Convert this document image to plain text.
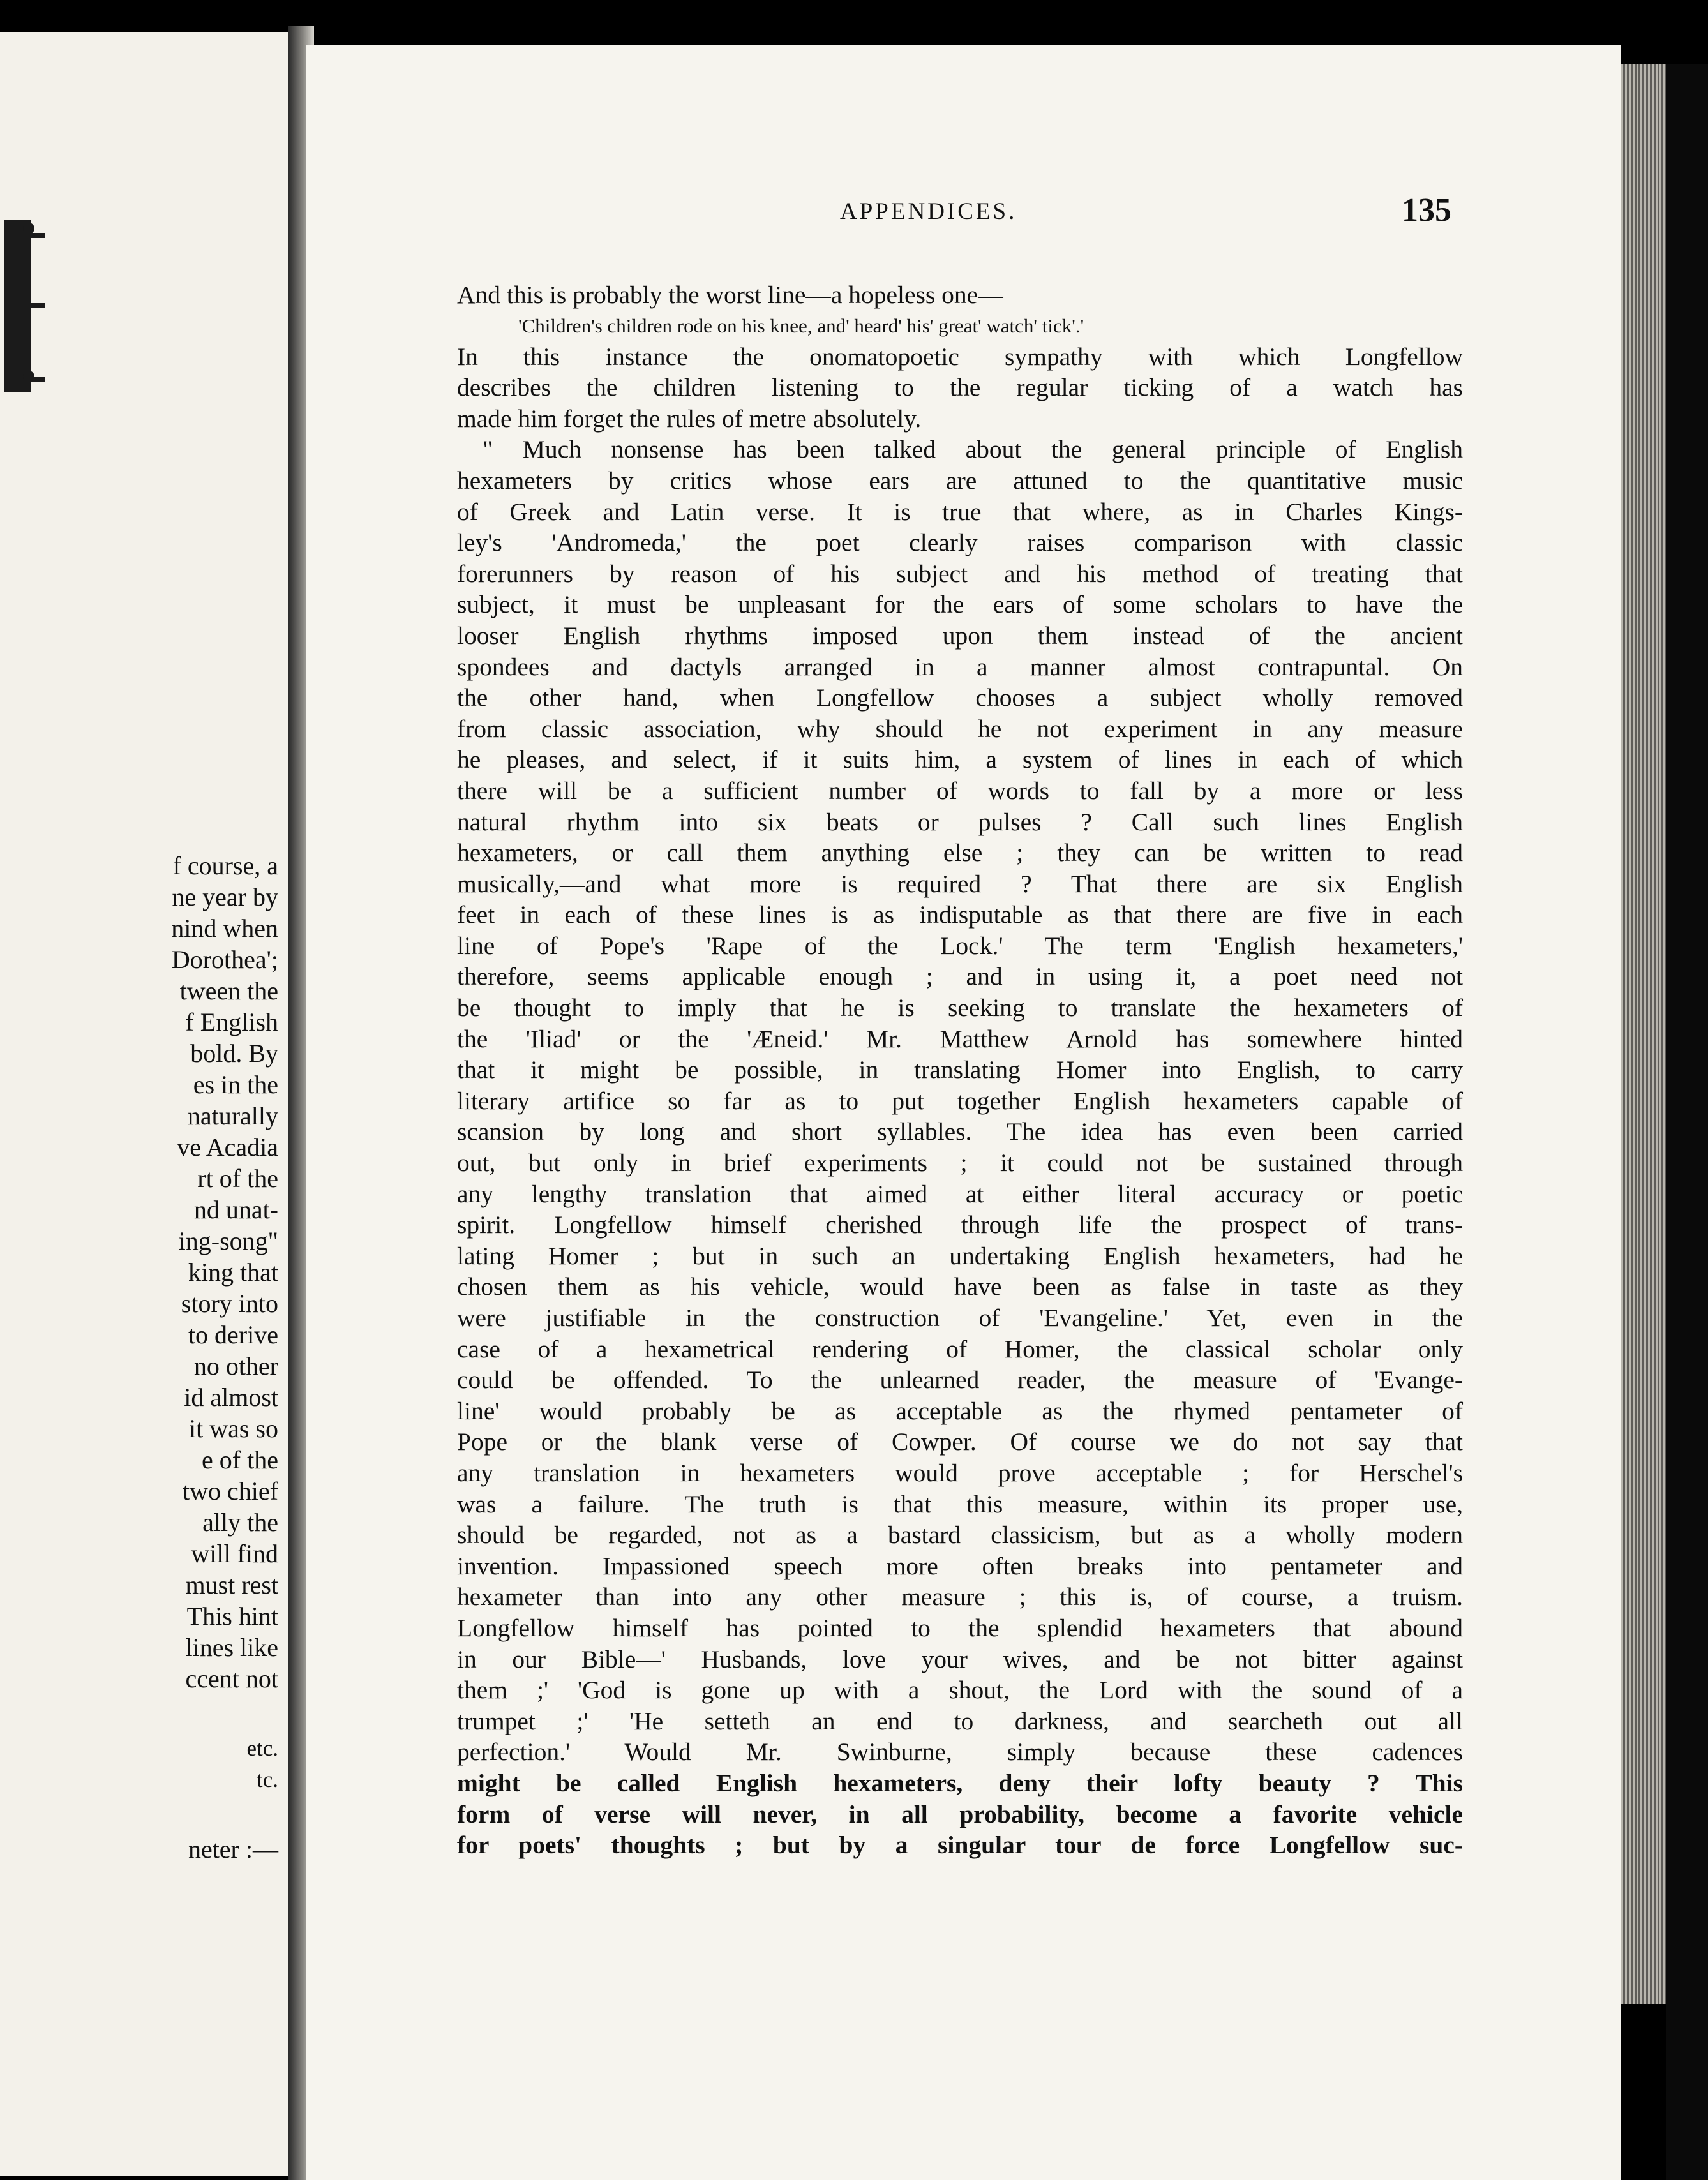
f course, a
ne year by
nind when
Dorothea';
tween the
f English
bold. By
es in the
naturally
ve Acadia
rt of the
nd unat-
ing-song"
king that
story into
to derive
no other
id almost
it was so
e of the
two chief
ally the
will find
must rest
This hint
lines like
ccent not
etc.
tc.
neter :—
APPENDICES.	135
And this is probably the worst line—a hopeless one—
'Children's children rode on his knee, and' heard' his' great' watch' tick'.'
In this instance the onomatopoetic sympathy with which Longfellow
describes the children listening to the regular ticking of a watch has
made him forget the rules of metre absolutely.
" Much nonsense has been talked about the general principle of English
hexameters by critics whose ears are attuned to the quantitative music
of Greek and Latin verse. It is true that where, as in Charles Kings-
ley's 'Andromeda,' the poet clearly raises comparison with classic
forerunners by reason of his subject and his method of treating that
subject, it must be unpleasant for the ears of some scholars to have the
looser English rhythms imposed upon them instead of the ancient
spondees and dactyls arranged in a manner almost contrapuntal. On
the other hand, when Longfellow chooses a subject wholly removed
from classic association, why should he not experiment in any measure
he pleases, and select, if it suits him, a system of lines in each of which
there will be a sufficient number of words to fall by a more or less
natural rhythm into six beats or pulses ? Call such lines English
hexameters, or call them anything else ; they can be written to read
musically,—and what more is required ? That there are six English
feet in each of these lines is as indisputable as that there are five in each
line of Pope's 'Rape of the Lock.' The term 'English hexameters,'
therefore, seems applicable enough ; and in using it, a poet need not
be thought to imply that he is seeking to translate the hexameters of
the 'Iliad' or the 'Æneid.' Mr. Matthew Arnold has somewhere hinted
that it might be possible, in translating Homer into English, to carry
literary artifice so far as to put together English hexameters capable of
scansion by long and short syllables. The idea has even been carried
out, but only in brief experiments ; it could not be sustained through
any lengthy translation that aimed at either literal accuracy or poetic
spirit. Longfellow himself cherished through life the prospect of trans-
lating Homer ; but in such an undertaking English hexameters, had he
chosen them as his vehicle, would have been as false in taste as they
were justifiable in the construction of 'Evangeline.' Yet, even in the
case of a hexametrical rendering of Homer, the classical scholar only
could be offended. To the unlearned reader, the measure of 'Evange-
line' would probably be as acceptable as the rhymed pentameter of
Pope or the blank verse of Cowper. Of course we do not say that
any translation in hexameters would prove acceptable ; for Herschel's
was a failure. The truth is that this measure, within its proper use,
should be regarded, not as a bastard classicism, but as a wholly modern
invention. Impassioned speech more often breaks into pentameter and
hexameter than into any other measure ; this is, of course, a truism.
Longfellow himself has pointed to the splendid hexameters that abound
in our Bible—' Husbands, love your wives, and be not bitter against
them ;' 'God is gone up with a shout, the Lord with the sound of a
trumpet ;' 'He setteth an end to darkness, and searcheth out all
perfection.' Would Mr. Swinburne, simply because these cadences
might be called English hexameters, deny their lofty beauty ? This
form of verse will never, in all probability, become a favorite vehicle
for poets' thoughts ; but by a singular tour de force Longfellow suc-
